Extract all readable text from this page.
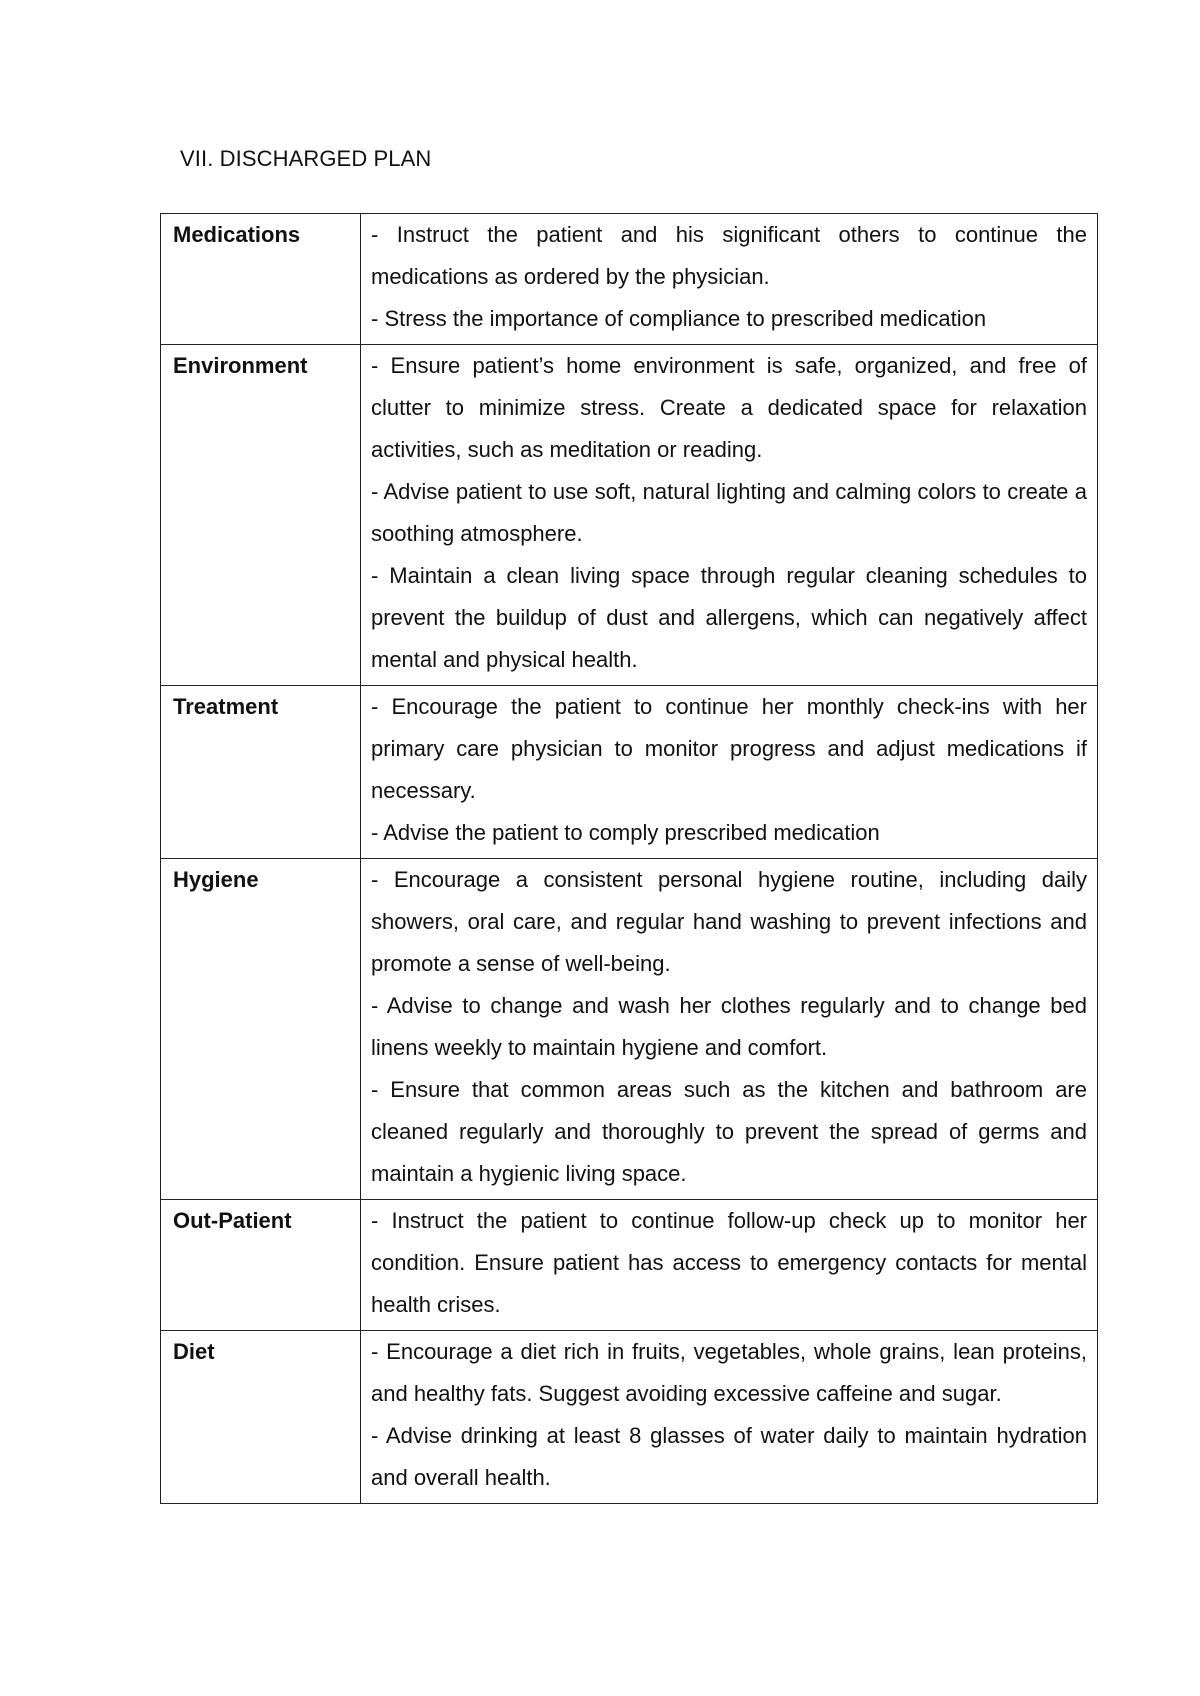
VII. DISCHARGED PLAN
Medications	- Instruct the patient and his significant others to continue the medications as ordered by the physician.

- Stress the importance of compliance to prescribed medication

Environment	- Ensure patient’s home environment is safe, organized, and free of clutter to minimize stress. Create a dedicated space for relaxation activities, such as meditation or reading.

- Advise patient to use soft, natural lighting and calming colors to create a soothing atmosphere.

- Maintain a clean living space through regular cleaning schedules to prevent the buildup of dust and allergens, which can negatively affect mental and physical health.

Treatment	- Encourage the patient to continue her monthly check-ins with her primary care physician to monitor progress and adjust medications if necessary.

- Advise the patient to comply prescribed medication

Hygiene	- Encourage a consistent personal hygiene routine, including daily showers, oral care, and regular hand washing to prevent infections and promote a sense of well-being.

- Advise to change and wash her clothes regularly and to change bed linens weekly to maintain hygiene and comfort.

- Ensure that common areas such as the kitchen and bathroom are cleaned regularly and thoroughly to prevent the spread of germs and maintain a hygienic living space.

Out-Patient	- Instruct the patient to continue follow-up check up to monitor her condition. Ensure patient has access to emergency contacts for mental health crises.

Diet	- Encourage a diet rich in fruits, vegetables, whole grains, lean proteins, and healthy fats. Suggest avoiding excessive caffeine and sugar.

- Advise drinking at least 8 glasses of water daily to maintain hydration and overall health.
